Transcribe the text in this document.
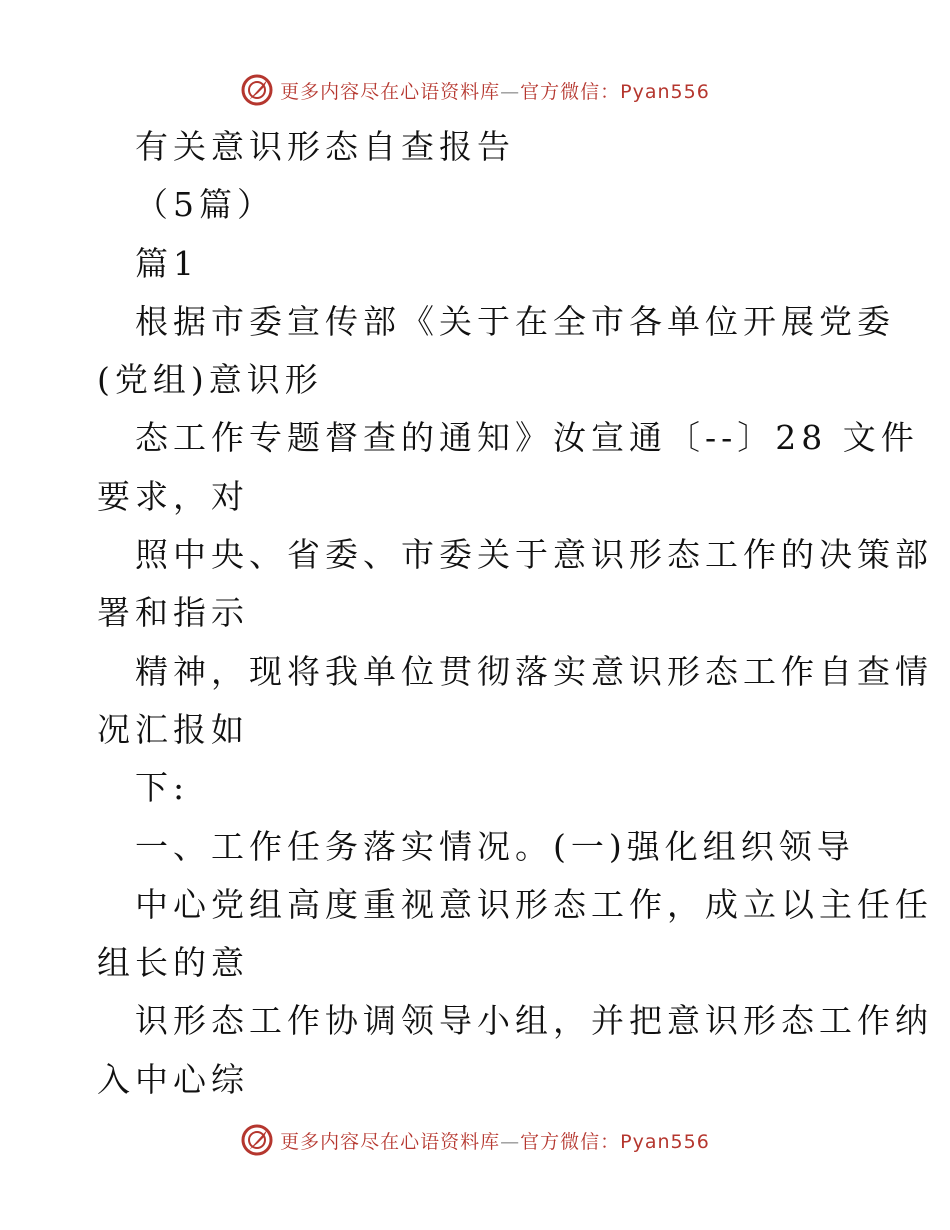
更多内容尽在心语资料库—官方微信：Pyan556
有关意识形态自查报告
（5篇）
篇1
根据市委宣传部《关于在全市各单位开展党委
(党组)意识形
态工作专题督查的通知》汝宣通〔--〕28 文件
要求，对
照中央、省委、市委关于意识形态工作的决策部
署和指示
精神，现将我单位贯彻落实意识形态工作自查情
况汇报如
下:
一、工作任务落实情况。(一)强化组织领导
中心党组高度重视意识形态工作，成立以主任任
组长的意
识形态工作协调领导小组，并把意识形态工作纳
入中心综
更多内容尽在心语资料库—官方微信：Pyan556
